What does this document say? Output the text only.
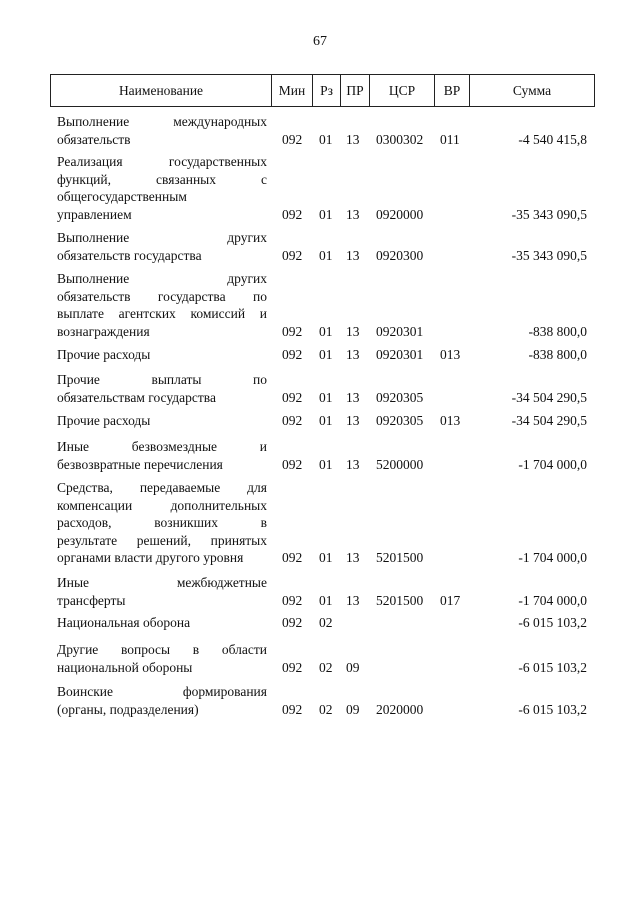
67
Наименование	Мин	Рз ПР	ЦСР	ВР	Сумма
Выполнение международных
обязательств	092 01 13 0300302 011	-4 540 415,8
Реализация государственных
функций, связанных с
общегосударственным
управлением	092 01 13 0920000	-35 343 090,5
Выполнение других
обязательств государства	092 01 13 0920300	-35 343 090,5
Выполнение других
обязательств государства по
выплате агентских комиссий и
вознаграждения	092 01 13 0920301	-838 800,0
Прочие расходы	092 01 13 0920301 013	-838 800,0
Прочие выплаты по
обязательствам государства	092 01 13 0920305	-34 504 290,5
Прочие расходы	092 01 13 0920305 013	-34 504 290,5
Иные безвозмездные и
безвозвратные перечисления	092 01 13 5200000	-1 704 000,0
Средства, передаваемые для
компенсации дополнительных
расходов, возникших в
результате решений, принятых
органами власти другого уровня	092 01 13 5201500	-1 704 000,0
Иные межбюджетные
трансферты	092 01 13 5201500 017	-1 704 000,0
Национальная оборона	092 02	-6 015 103,2
Другие вопросы в области
национальной обороны	092 02 09	-6 015 103,2
Воинские формирования
(органы, подразделения)	092 02 09 2020000	-6 015 103,2
